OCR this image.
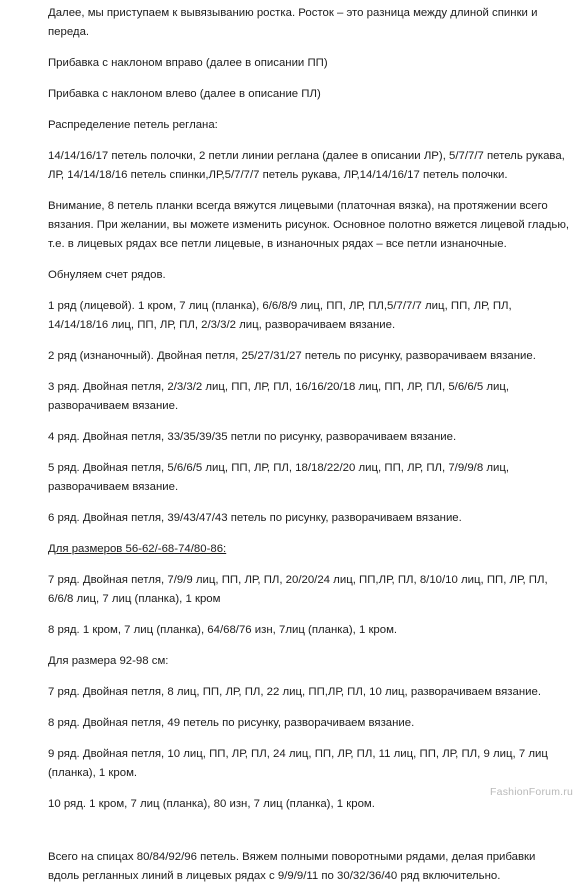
Далее, мы приступаем к вывязыванию ростка. Росток – это разница между длиной спинки и
переда.

Прибавка с наклоном вправо (далее в описании ПП)

Прибавка с наклоном влево (далее в описание ПЛ)

Распределение петель реглана:

14/14/16/17 петель полочки, 2 петли линии реглана (далее в описании ЛР), 5/7/7/7 петель рукава,
ЛР, 14/14/18/16 петель спинки,ЛР,5/7/7/7 петель рукава, ЛР,14/14/16/17 петель полочки.

Внимание, 8 петель планки всегда вяжутся лицевыми (платочная вязка), на протяжении всего
вязания. При желании, вы можете изменить рисунок. Основное полотно вяжется лицевой гладью,
т.е. в лицевых рядах все петли лицевые, в изнаночных рядах – все петли изнаночные.

Обнуляем счет рядов.

1 ряд (лицевой). 1 кром, 7 лиц (планка), 6/6/8/9 лиц, ПП, ЛР, ПЛ,5/7/7/7 лиц, ПП, ЛР, ПЛ,
14/14/18/16 лиц, ПП, ЛР, ПЛ, 2/3/3/2 лиц, разворачиваем вязание.

2 ряд (изнаночный). Двойная петля, 25/27/31/27 петель по рисунку, разворачиваем вязание.

3 ряд. Двойная петля, 2/3/3/2 лиц, ПП, ЛР, ПЛ, 16/16/20/18 лиц, ПП, ЛР, ПЛ, 5/6/6/5 лиц,
разворачиваем вязание.

4 ряд. Двойная петля, 33/35/39/35 петли по рисунку, разворачиваем вязание.

5 ряд. Двойная петля, 5/6/6/5 лиц, ПП, ЛР, ПЛ, 18/18/22/20 лиц, ПП, ЛР, ПЛ, 7/9/9/8 лиц,
разворачиваем вязание.

6 ряд. Двойная петля, 39/43/47/43 петель по рисунку, разворачиваем вязание.

Для размеров 56-62/-68-74/80-86:

7 ряд. Двойная петля, 7/9/9 лиц, ПП, ЛР, ПЛ, 20/20/24 лиц, ПП,ЛР, ПЛ, 8/10/10 лиц, ПП, ЛР, ПЛ,
6/6/8 лиц, 7 лиц (планка), 1 кром

8 ряд. 1 кром, 7 лиц (планка), 64/68/76 изн, 7лиц (планка), 1 кром.

Для размера 92-98 см:

7 ряд. Двойная петля, 8 лиц, ПП, ЛР, ПЛ, 22 лиц, ПП,ЛР, ПЛ, 10 лиц, разворачиваем вязание.

8 ряд. Двойная петля, 49 петель по рисунку, разворачиваем вязание.

9 ряд. Двойная петля, 10 лиц, ПП, ЛР, ПЛ, 24 лиц, ПП, ЛР, ПЛ, 11 лиц, ПП, ЛР, ПЛ, 9 лиц, 7 лиц
(планка), 1 кром.

10 ряд. 1 кром, 7 лиц (планка), 80 изн, 7 лиц (планка), 1 кром.

Всего на спицах 80/84/92/96 петель. Вяжем полными поворотными рядами, делая прибавки
вдоль регланных линий в лицевых рядах с 9/9/9/11 по 30/32/36/40 ряд включительно.

FashionForum.ru
